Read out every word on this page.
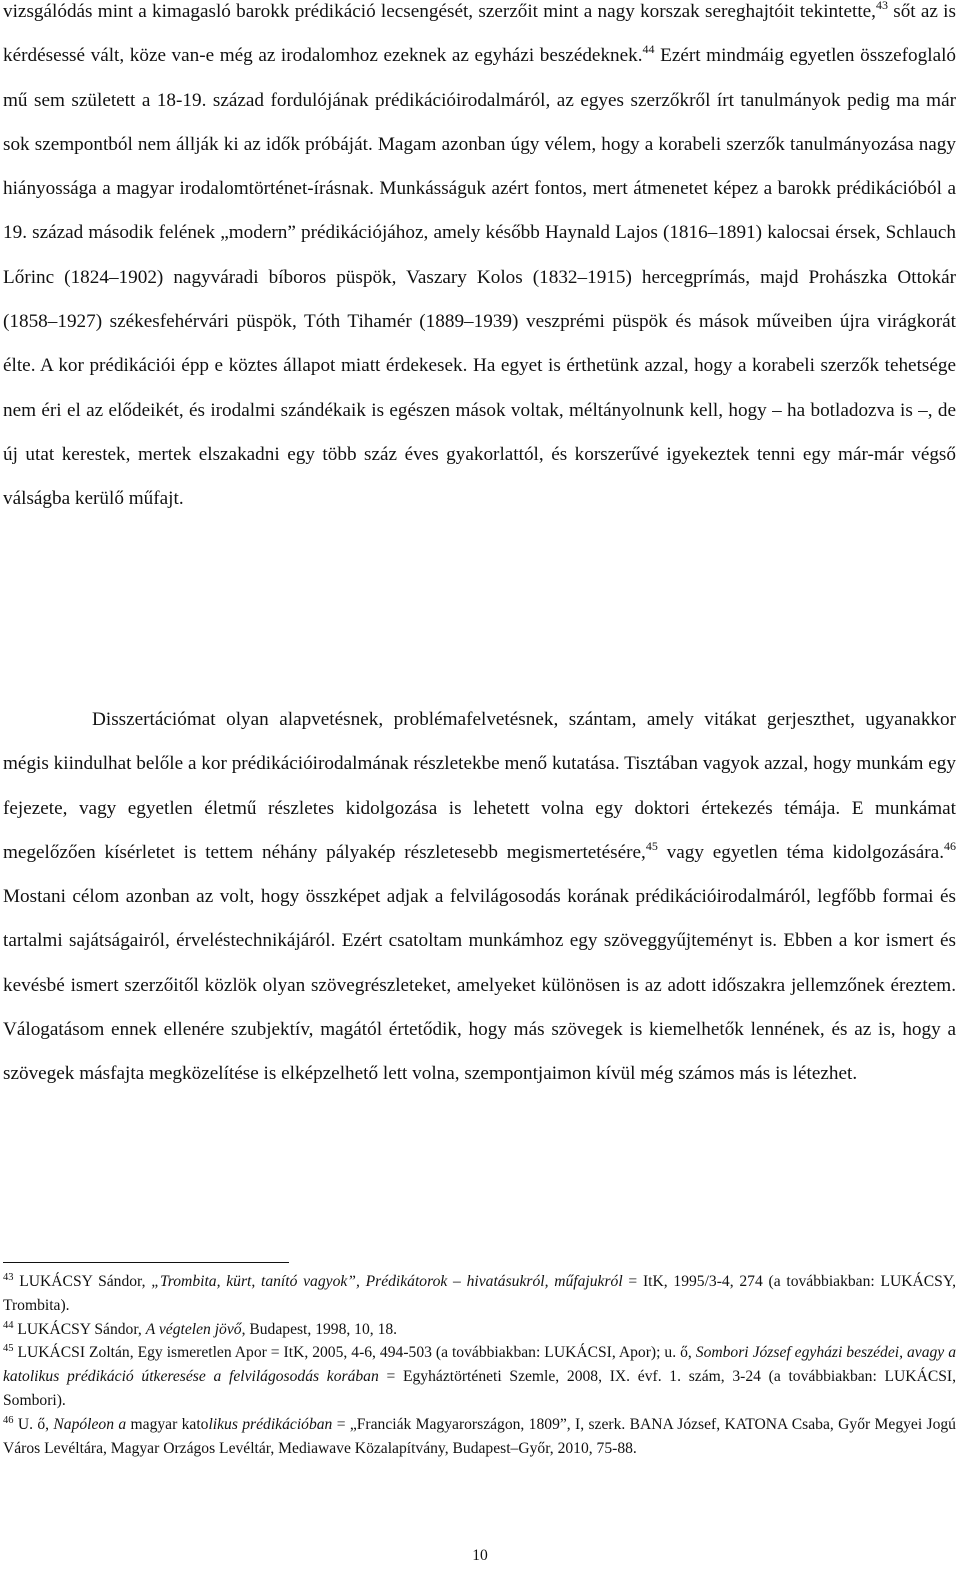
vizsgálódás mint a kimagasló barokk prédikáció lecsengését, szerzőit mint a nagy korszak sereghajtóit tekintette,$^{43}$ sőt az is kérdésessé vált, köze van-e még az irodalomhoz ezeknek az egyházi beszédeknek.$^{44}$ Ezért mindmáig egyetlen összefoglaló mű sem született a 18-19. század fordulójának prédikációirodalmáról, az egyes szerzőkről írt tanulmányok pedig ma már sok szempontból nem állják ki az idők próbáját. Magam azonban úgy vélem, hogy a korabeli szerzők tanulmányozása nagy hiányossága a magyar irodalomtörténet-írásnak. Munkásságuk azért fontos, mert átmenetet képez a barokk prédikációból a 19. század második felének „modern” prédikációjához, amely később Haynald Lajos (1816–1891) kalocsai érsek, Schlauch Lőrinc (1824–1902) nagyváradi bíboros püspök, Vaszary Kolos (1832–1915) hercegprímás, majd Prohászka Ottokár (1858–1927) székesfehérvári püspök, Tóth Tihamér (1889–1939) veszprémi püspök és mások műveiben újra virágkorát élte. A kor prédikációi épp e köztes állapot miatt érdekesek. Ha egyet is érthetünk azzal, hogy a korabeli szerzők tehetsége nem éri el az elődeikét, és irodalmi szándékaik is egészen mások voltak, méltányolnunk kell, hogy – ha botladozva is –, de új utat kerestek, mertek elszakadni egy több száz éves gyakorlattól, és korszerűvé igyekeztek tenni egy már-már végső válságba kerülő műfajt.

Disszertációmat olyan alapvetésnek, problémafelvetésnek, szántam, amely vitákat gerjeszthet, ugyanakkor mégis kiindulhat belőle a kor prédikációirodalmának részletekbe menő kutatása. Tisztában vagyok azzal, hogy munkám egy fejezete, vagy egyetlen életmű részletes kidolgozása is lehetett volna egy doktori értekezés témája. E munkámat megelőzően kísérletet is tettem néhány pályakép részletesebb megismertetésére,$^{45}$ vagy egyetlen téma kidolgozására.$^{46}$ Mostani célom azonban az volt, hogy összképet adjak a felvilágosodás korának prédikációirodalmáról, legfőbb formai és tartalmi sajátságairól, érveléstechnikájáról. Ezért csatoltam munkámhoz egy szöveggyűjteményt is. Ebben a kor ismert és kevésbé ismert szerzőitől közlök olyan szövegrészleteket, amelyeket különösen is az adott időszakra jellemzőnek éreztem. Válogatásom ennek ellenére szubjektív, magától értetődik, hogy más szövegek is kiemelhetők lennének, és az is, hogy a szövegek másfajta megközelítése is elképzelhető lett volna, szempontjaimon kívül még számos más is létezhet.

$^{43}$ LUKÁCSY Sándor, „Trombita, kürt, tanító vagyok”, Prédikátorok – hivatásukról, műfajukról = ItK, 1995/3-4, 274 (a továbbiakban: LUKÁCSY, Trombita).

$^{44}$ LUKÁCSY Sándor, A végtelen jövő, Budapest, 1998, 10, 18.

$^{45}$ LUKÁCSI Zoltán, Egy ismeretlen Apor = ItK, 2005, 4-6, 494-503 (a továbbiakban: LUKÁCSI, Apor); u. ő, Sombori József egyházi beszédei, avagy a katolikus prédikáció útkeresése a felvilágosodás korában = Egyháztörténeti Szemle, 2008, IX. évf. 1. szám, 3-24 (a továbbiakban: LUKÁCSI, Sombori).

$^{46}$ U. ő, Napóleon a magyar katolikus prédikációban = „Franciák Magyarországon, 1809”, I, szerk. BANA József, KATONA Csaba, Győr Megyei Jogú Város Levéltára, Magyar Orzágos Levéltár, Mediawave Közalapítvány, Budapest–Győr, 2010, 75-88.

10
